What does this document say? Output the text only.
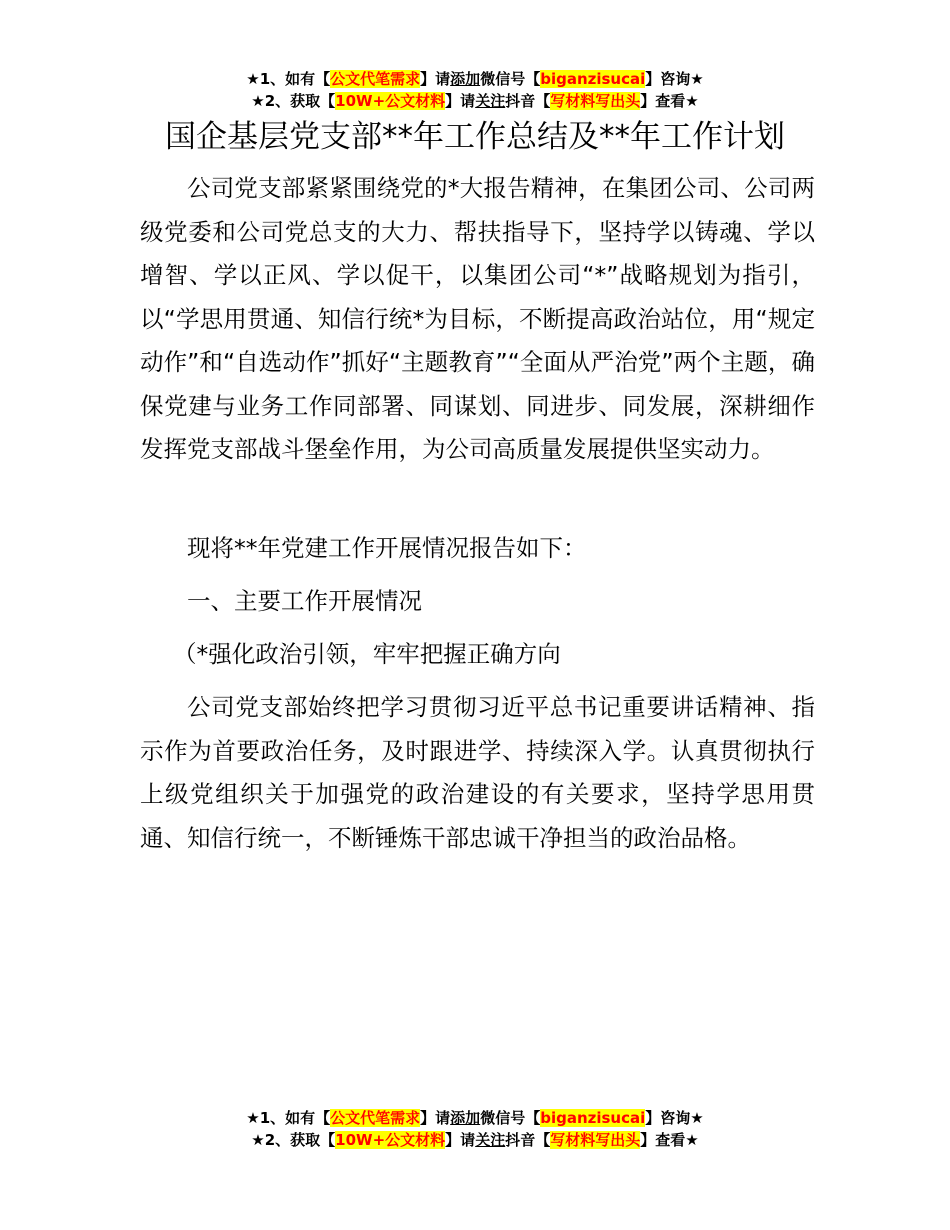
★1、如有【公文代笔需求】请添加微信号【biganzisucai】咨询★
★2、获取【10W+公文材料】请关注抖音【写材料写出头】查看★
国企基层党支部**年工作总结及**年工作计划

公司党支部紧紧围绕党的*大报告精神，在集团公司、公司两级党委和公司党总支的大力、帮扶指导下，坚持学以铸魂、学以增智、学以正风、学以促干，以集团公司“*”战略规划为指引，以“学思用贯通、知信行统*为目标，不断提高政治站位，用“规定动作”和“自选动作”抓好“主题教育”“全面从严治党”两个主题，确保党建与业务工作同部署、同谋划、同进步、同发展，深耕细作发挥党支部战斗堡垒作用，为公司高质量发展提供坚实动力。

现将**年党建工作开展情况报告如下：

一、主要工作开展情况

（*强化政治引领，牢牢把握正确方向

公司党支部始终把学习贯彻习近平总书记重要讲话精神、指示作为首要政治任务，及时跟进学、持续深入学。认真贯彻执行上级党组织关于加强党的政治建设的有关要求，坚持学思用贯通、知信行统一，不断锤炼干部忠诚干净担当的政治品格。

★1、如有【公文代笔需求】请添加微信号【biganzisucai】咨询★
★2、获取【10W+公文材料】请关注抖音【写材料写出头】查看★
